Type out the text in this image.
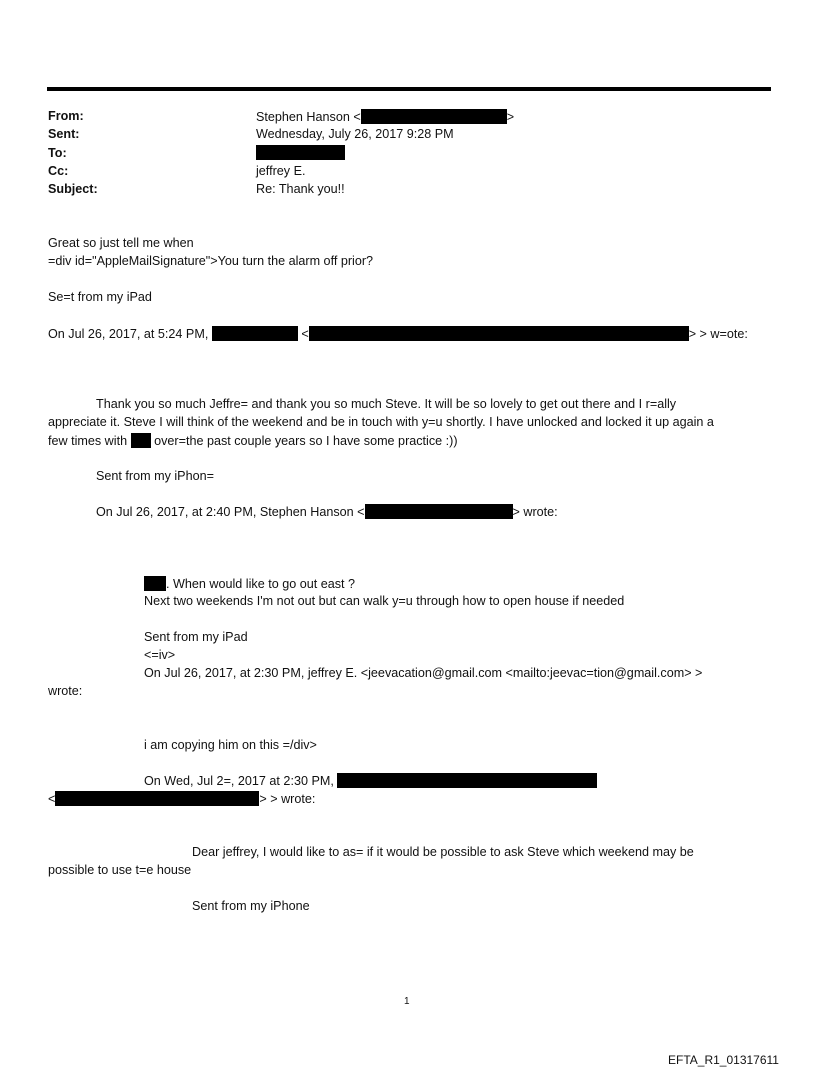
From:	Stephen Hanson <	>
Sent:	Wednesday, July 26, 2017 9:28 PM
To:
Cc:	jeffrey E.
Subject:	Re: Thank you!!
Great so just tell me when
=div id="AppleMailSignature">You turn the alarm off prior?
Se=t from my iPad
On Jul 26, 2017, at 5:24 PM,	<	> > w=ote:
Thank you so much Jeffre= and thank you so much Steve. It will be so lovely to get out there and I r=ally
appreciate it. Steve I will think of the weekend and be in touch with y=u shortly. I have unlocked and locked it up again a
few times with over=the past couple years so I have some practice :))
Sent from my iPhon=
On Jul 26, 2017, at 2:40 PM, Stephen Hanson <	> wrote:
. When would like to go out east ?
Next two weekends I'm not out but can walk y=u through how to open house if needed
Sent from my iPad
<=iv>
On Jul 26, 2017, at 2:30 PM, jeffrey E. <jeevacation@gmail.com <mailto:jeevac=tion@gmail.com> >
wrote:
i am copying him on this =/div>
On Wed, Jul 2=, 2017 at 2:30 PM,
<	> > wrote:
Dear jeffrey, I would like to as= if it would be possible to ask Steve which weekend may be
possible to use t=e house
Sent from my iPhone
1
EFTA_R1_01317611
